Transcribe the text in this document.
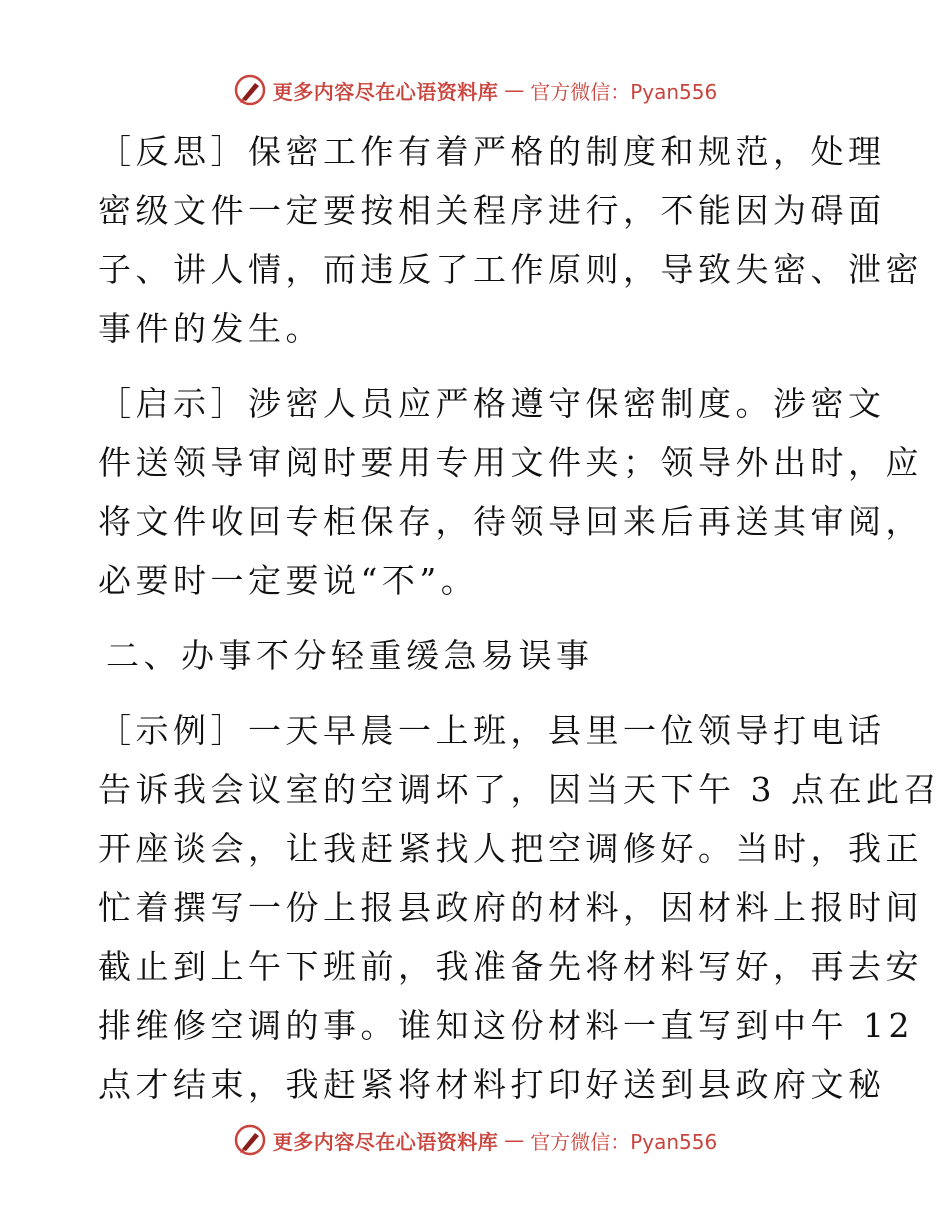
更多内容尽在心语资料库 — 官方微信：Pyan556

［反思］保密工作有着严格的制度和规范，处理
密级文件一定要按相关程序进行，不能因为碍面
子、讲人情，而违反了工作原则，导致失密、泄密
事件的发生。

［启示］涉密人员应严格遵守保密制度。涉密文
件送领导审阅时要用专用文件夹；领导外出时，应
将文件收回专柜保存，待领导回来后再送其审阅，
必要时一定要说“不”。

二、办事不分轻重缓急易误事

［示例］一天早晨一上班，县里一位领导打电话
告诉我会议室的空调坏了，因当天下午 3 点在此召
开座谈会，让我赶紧找人把空调修好。当时，我正
忙着撰写一份上报县政府的材料，因材料上报时间
截止到上午下班前，我准备先将材料写好，再去安
排维修空调的事。谁知这份材料一直写到中午 12
点才结束，我赶紧将材料打印好送到县政府文秘

更多内容尽在心语资料库 — 官方微信：Pyan556
